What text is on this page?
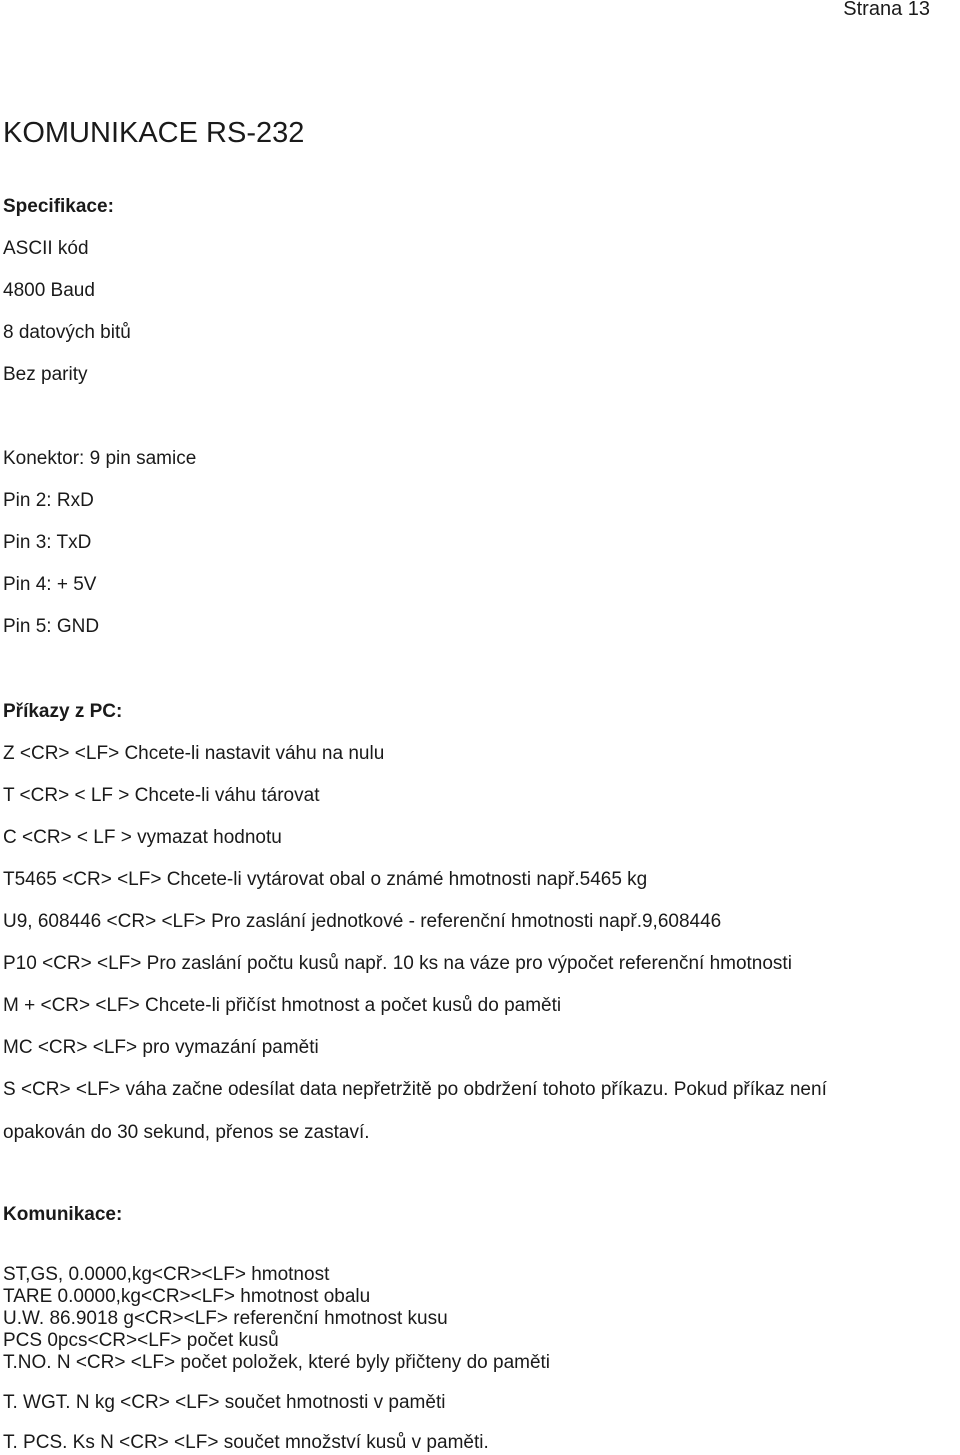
Strana 13
KOMUNIKACE RS-232

Specifikace:

ASCII kód

4800 Baud

8 datových bitů

Bez parity

Konektor: 9 pin samice

Pin 2: RxD

Pin 3: TxD

Pin 4: + 5V

Pin 5: GND

Příkazy z PC:

Z <CR> <LF> Chcete-li nastavit váhu na nulu

T <CR> < LF > Chcete-li váhu tárovat

C <CR> < LF > vymazat hodnotu

T5465 <CR> <LF> Chcete-li vytárovat obal o známé hmotnosti např.5465 kg

U9, 608446 <CR> <LF> Pro zaslání jednotkové - referenční hmotnosti např.9,608446

P10 <CR> <LF> Pro zaslání počtu kusů např. 10 ks na váze pro výpočet referenční hmotnosti

M + <CR> <LF> Chcete-li přičíst hmotnost a počet kusů do paměti

MC <CR> <LF> pro vymazání paměti

S <CR> <LF> váha začne odesílat data nepřetržitě po obdržení tohoto příkazu. Pokud příkaz není

opakován do 30 sekund, přenos se zastaví.

Komunikace:

ST,GS, 0.0000,kg<CR><LF> hmotnost

TARE 0.0000,kg<CR><LF> hmotnost obalu

U.W. 86.9018 g<CR><LF> referenční hmotnost kusu

PCS 0pcs<CR><LF> počet kusů

T.NO. N <CR> <LF> počet položek, které byly přičteny do paměti

T. WGT. N kg <CR> <LF> součet hmotnosti v paměti

T. PCS. Ks N <CR> <LF> součet množství kusů v paměti.
